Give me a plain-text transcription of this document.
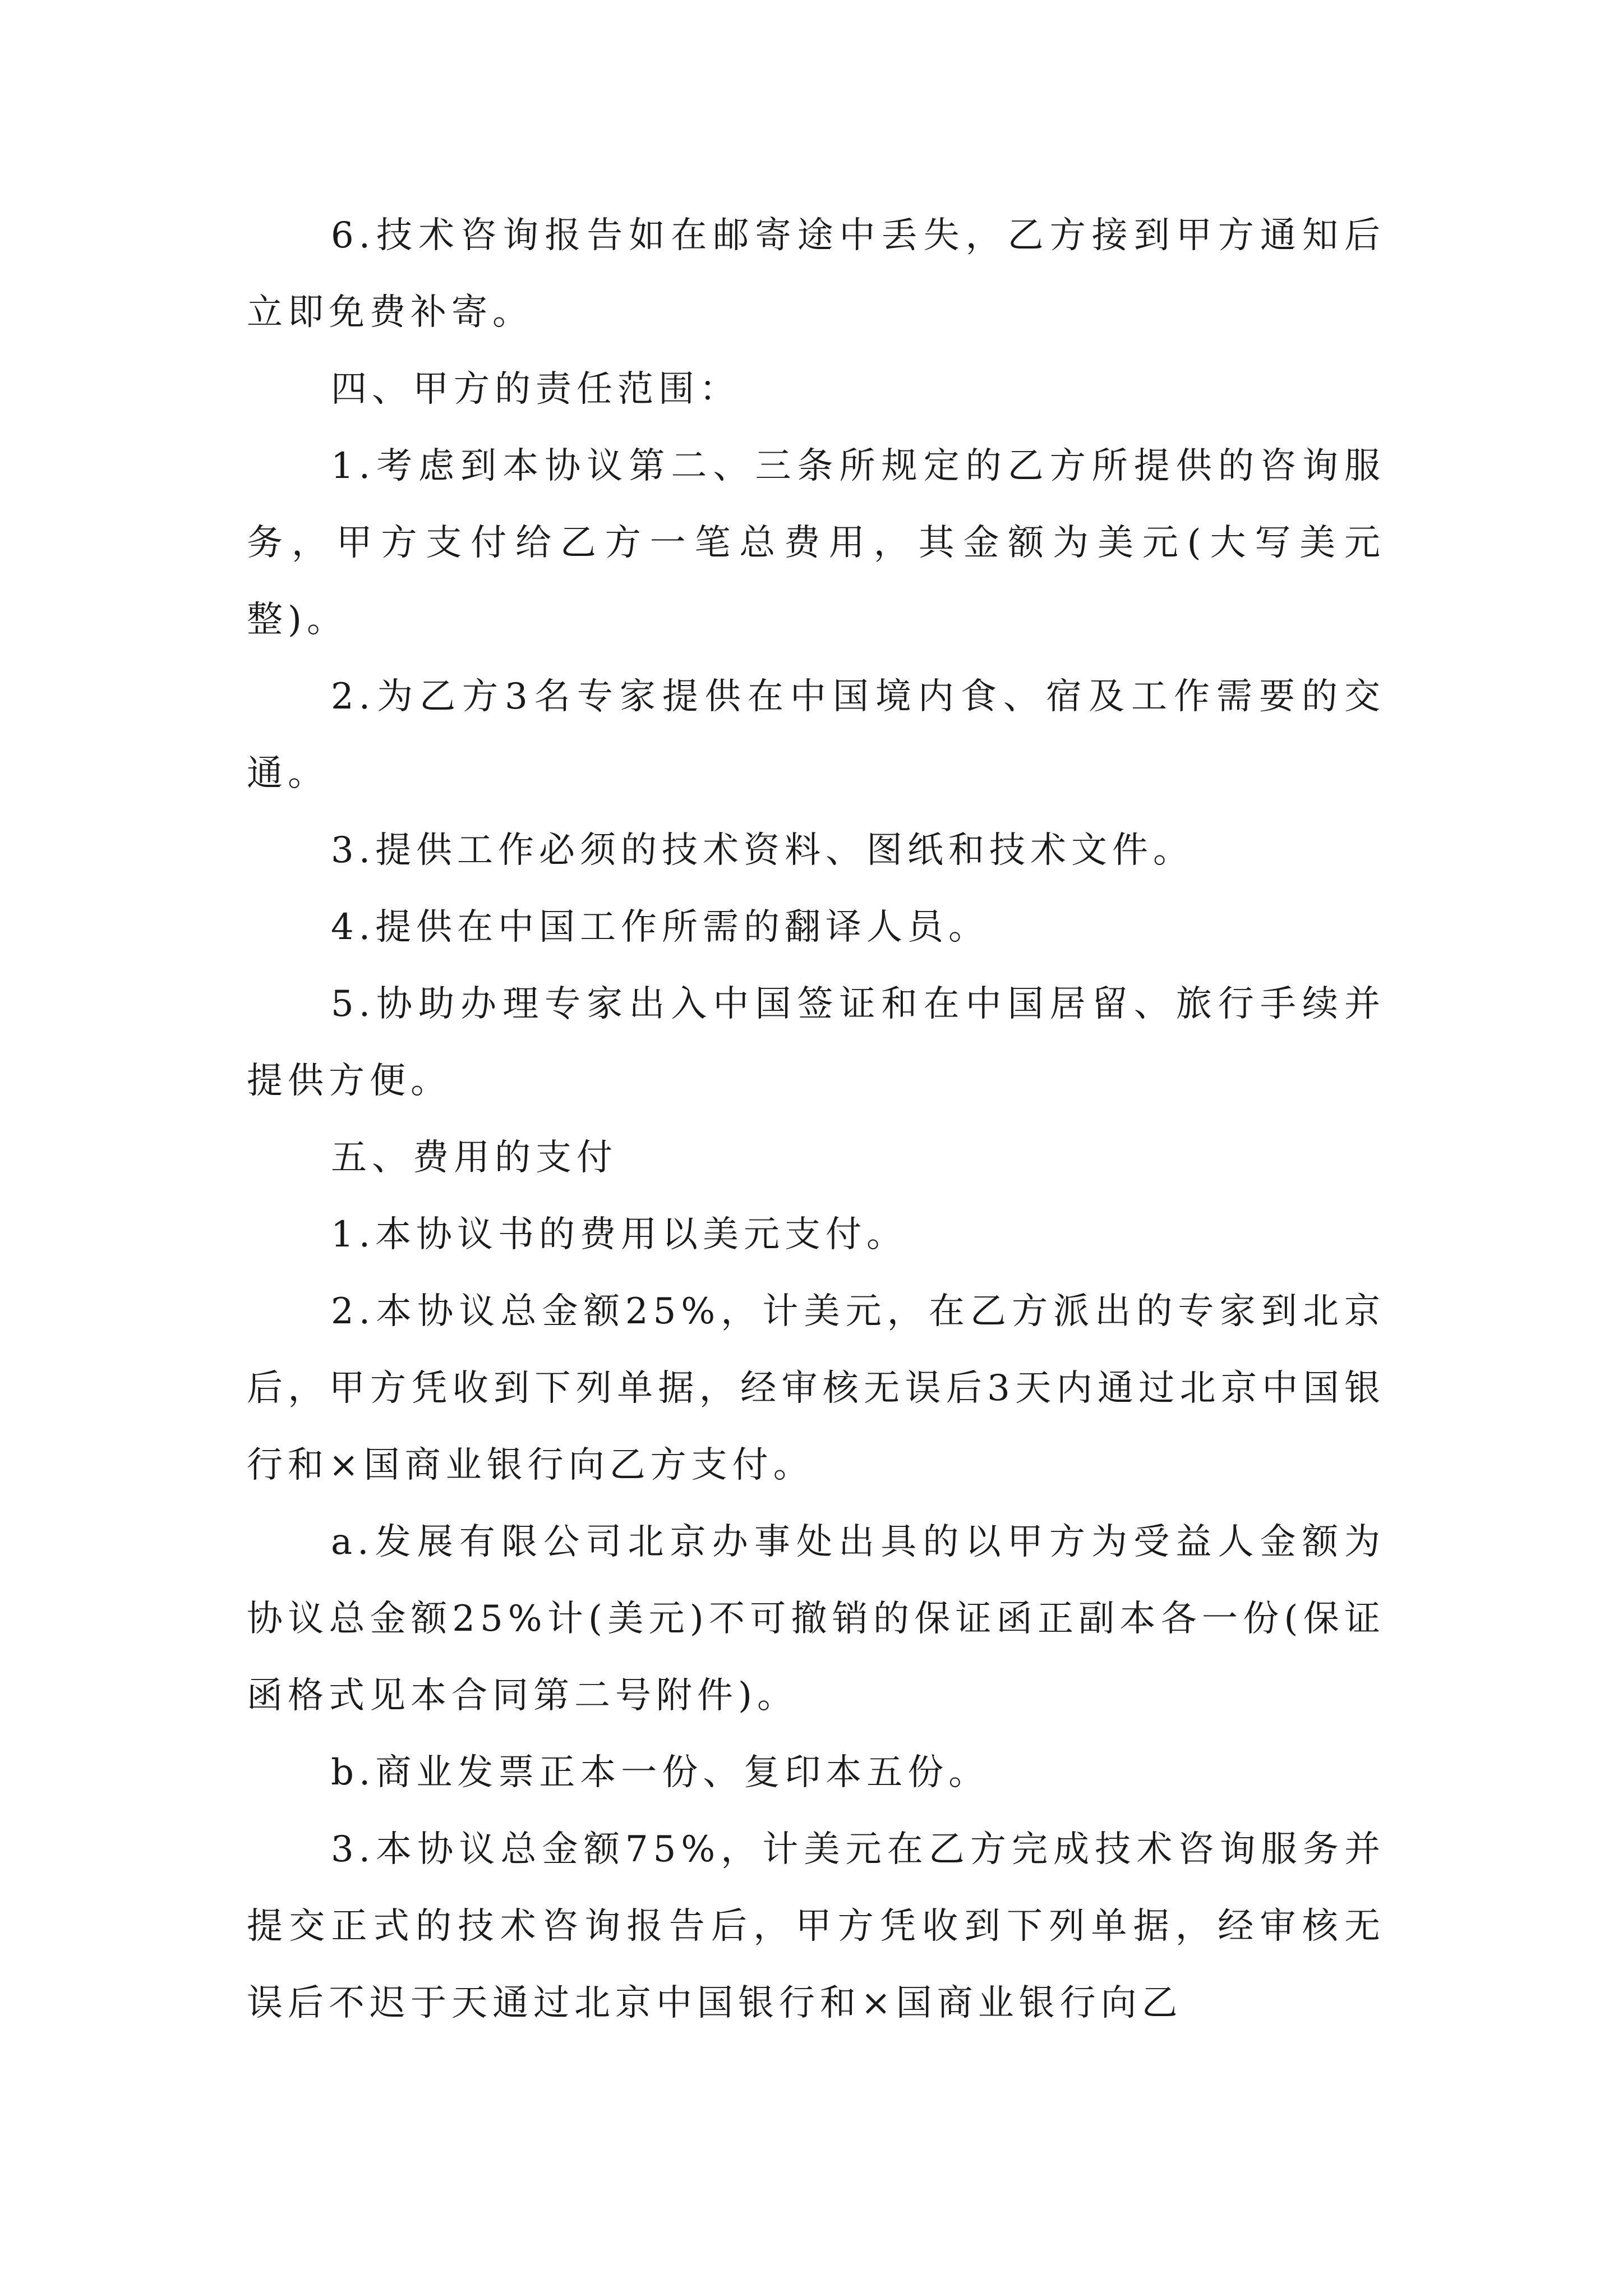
6.技术咨询报告如在邮寄途中丢失，乙方接到甲方通知后立即免费补寄。

四、甲方的责任范围：

1.考虑到本协议第二、三条所规定的乙方所提供的咨询服务，甲方支付给乙方一笔总费用，其金额为美元(大写美元整)。

2.为乙方3名专家提供在中国境内食、宿及工作需要的交通。

3.提供工作必须的技术资料、图纸和技术文件。

4.提供在中国工作所需的翻译人员。

5.协助办理专家出入中国签证和在中国居留、旅行手续并提供方便。

五、费用的支付

1.本协议书的费用以美元支付。

2.本协议总金额25%，计美元，在乙方派出的专家到北京后，甲方凭收到下列单据，经审核无误后3天内通过北京中国银行和×国商业银行向乙方支付。

a.发展有限公司北京办事处出具的以甲方为受益人金额为协议总金额25%计(美元)不可撤销的保证函正副本各一份(保证函格式见本合同第二号附件)。

b.商业发票正本一份、复印本五份。

3.本协议总金额75%，计美元在乙方完成技术咨询服务并提交正式的技术咨询报告后，甲方凭收到下列单据，经审核无误后不迟于天通过北京中国银行和×国商业银行向乙
